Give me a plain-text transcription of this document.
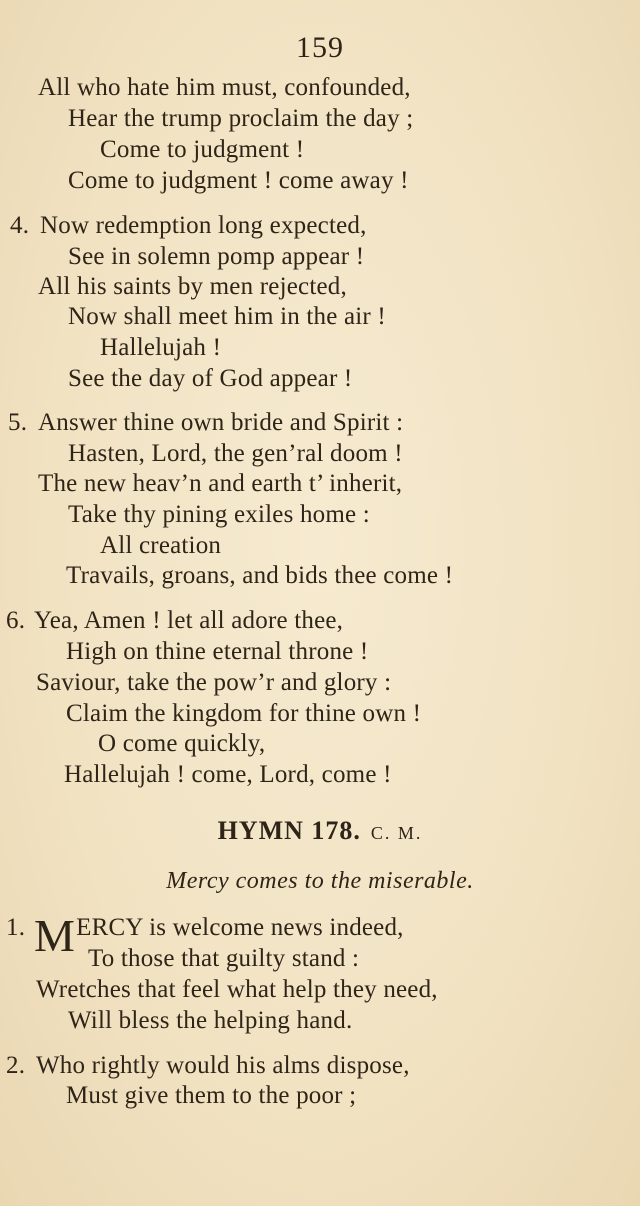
159
All who hate him must, confounded,
Hear the trump proclaim the day ;
Come to judgment !
Come to judgment ! come away !
4. Now redemption long expected,
See in solemn pomp appear !
All his saints by men rejected,
Now shall meet him in the air !
Hallelujah !
See the day of God appear !
5. Answer thine own bride and Spirit :
Hasten, Lord, the gen’ral doom !
The new heav’n and earth t’ inherit,
Take thy pining exiles home :
All creation
Travails, groans, and bids thee come !
6. Yea, Amen ! let all adore thee,
High on thine eternal throne !
Saviour, take the pow’r and glory :
Claim the kingdom for thine own !
O come quickly,
Hallelujah ! come, Lord, come !
HYMN 178. C. M.
Mercy comes to the miserable.
1. MERCY is welcome news indeed,
To those that guilty stand :
Wretches that feel what help they need,
Will bless the helping hand.
2. Who rightly would his alms dispose,
Must give them to the poor ;
